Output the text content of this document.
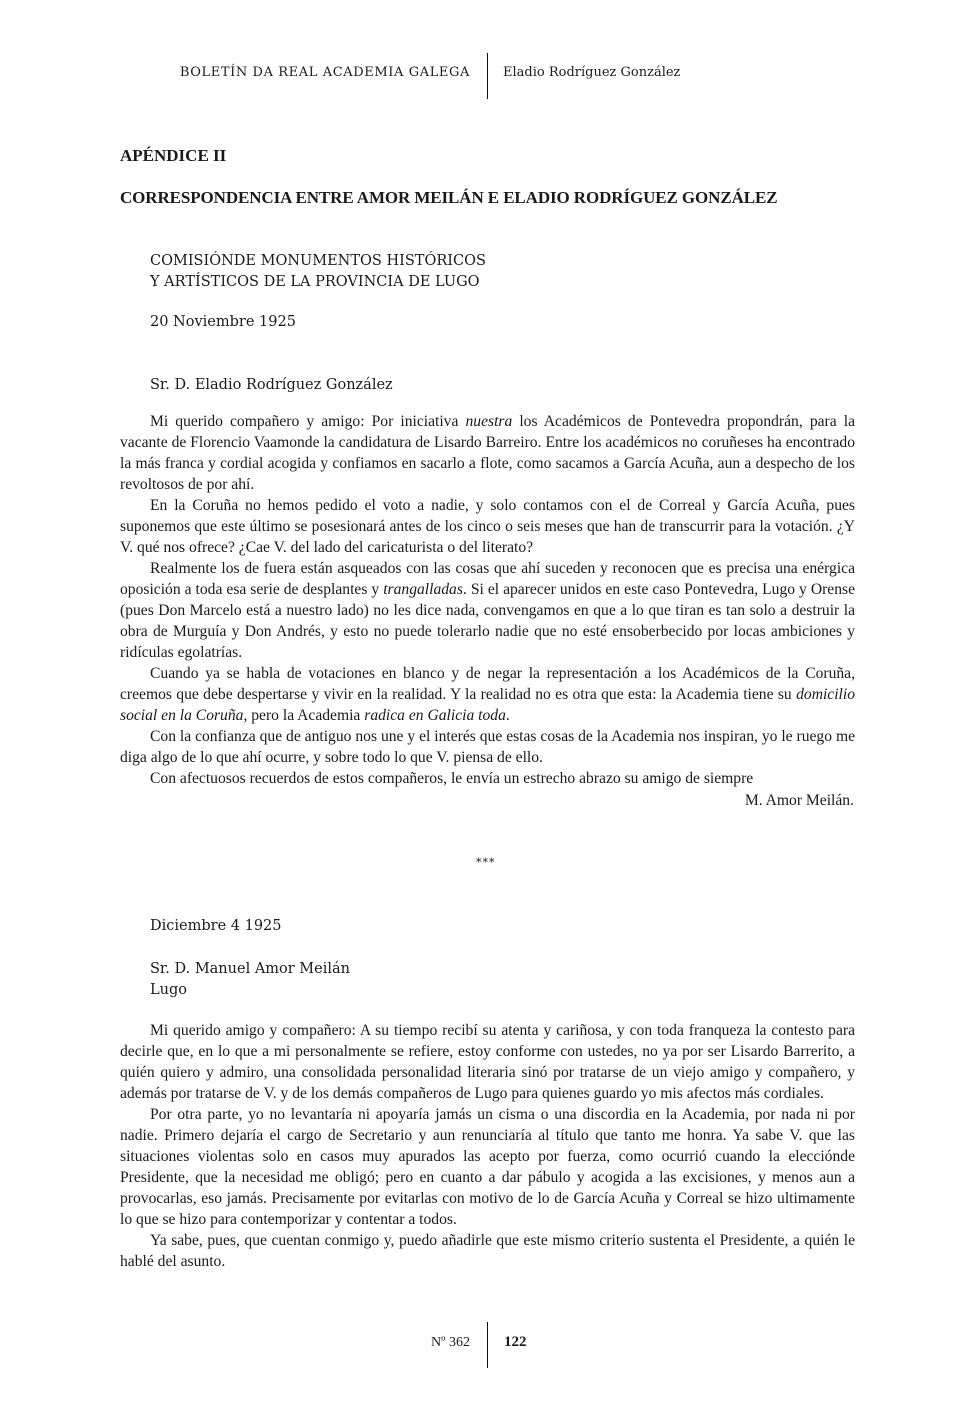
BOLETÍN DA REAL ACADEMIA GALEGA	Eladio Rodríguez González
APÉNDICE II
CORRESPONDENCIA ENTRE AMOR MEILÁN E ELADIO RODRÍGUEZ GONZÁLEZ
COMISIÓNDE MONUMENTOS HISTÓRICOS
Y ARTÍSTICOS DE LA PROVINCIA DE LUGO
20 Noviembre 1925
Sr. D. Eladio Rodríguez González

Mi querido compañero y amigo: Por iniciativa nuestra los Académicos de Pontevedra propondrán, para la vacante de Florencio Vaamonde la candidatura de Lisardo Barreiro. Entre los académicos no coruñeses ha encontrado la más franca y cordial acogida y confiamos en sacarlo a flote, como sacamos a García Acuña, aun a despecho de los revoltosos de por ahí.

En la Coruña no hemos pedido el voto a nadie, y solo contamos con el de Correal y García Acuña, pues suponemos que este último se posesionará antes de los cinco o seis meses que han de transcurrir para la votación. ¿Y V. qué nos ofrece? ¿Cae V. del lado del caricaturista o del literato?

Realmente los de fuera están asqueados con las cosas que ahí suceden y reconocen que es precisa una enérgica oposición a toda esa serie de desplantes y trangalladas. Si el aparecer unidos en este caso Pontevedra, Lugo y Orense (pues Don Marcelo está a nuestro lado) no les dice nada, convengamos en que a lo que tiran es tan solo a destruir la obra de Murguía y Don Andrés, y esto no puede tolerarlo nadie que no esté ensoberbecido por locas ambiciones y ridículas egolatrías.

Cuando ya se habla de votaciones en blanco y de negar la representación a los Académicos de la Coruña, creemos que debe despertarse y vivir en la realidad. Y la realidad no es otra que esta: la Academia tiene su domicilio social en la Coruña, pero la Academia radica en Galicia toda.

Con la confianza que de antiguo nos une y el interés que estas cosas de la Academia nos inspiran, yo le ruego me diga algo de lo que ahí ocurre, y sobre todo lo que V. piensa de ello.

Con afectuosos recuerdos de estos compañeros, le envía un estrecho abrazo su amigo de siempre

M. Amor Meilán.
***
Diciembre 4 1925
Sr. D. Manuel Amor Meilán
Lugo

Mi querido amigo y compañero: A su tiempo recibí su atenta y cariñosa, y con toda franqueza la contesto para decirle que, en lo que a mi personalmente se refiere, estoy conforme con ustedes, no ya por ser Lisardo Barrerito, a quién quiero y admiro, una consolidada personalidad literaria sinó por tratarse de un viejo amigo y compañero, y además por tratarse de V. y de los demás compañeros de Lugo para quienes guardo yo mis afectos más cordiales.

Por otra parte, yo no levantaría ni apoyaría jamás un cisma o una discordia en la Academia, por nada ni por nadie. Primero dejaría el cargo de Secretario y aun renunciaría al título que tanto me honra. Ya sabe V. que las situaciones violentas solo en casos muy apurados las acepto por fuerza, como ocurrió cuando la elecciónde Presidente, que la necesidad me obligó; pero en cuanto a dar pábulo y acogida a las excisiones, y menos aun a provocarlas, eso jamás. Precisamente por evitarlas con motivo de lo de García Acuña y Correal se hizo ultimamente lo que se hizo para contemporizar y contentar a todos.

Ya sabe, pues, que cuentan conmigo y, puedo añadirle que este mismo criterio sustenta el Presidente, a quién le hablé del asunto.

Nº 362 122
